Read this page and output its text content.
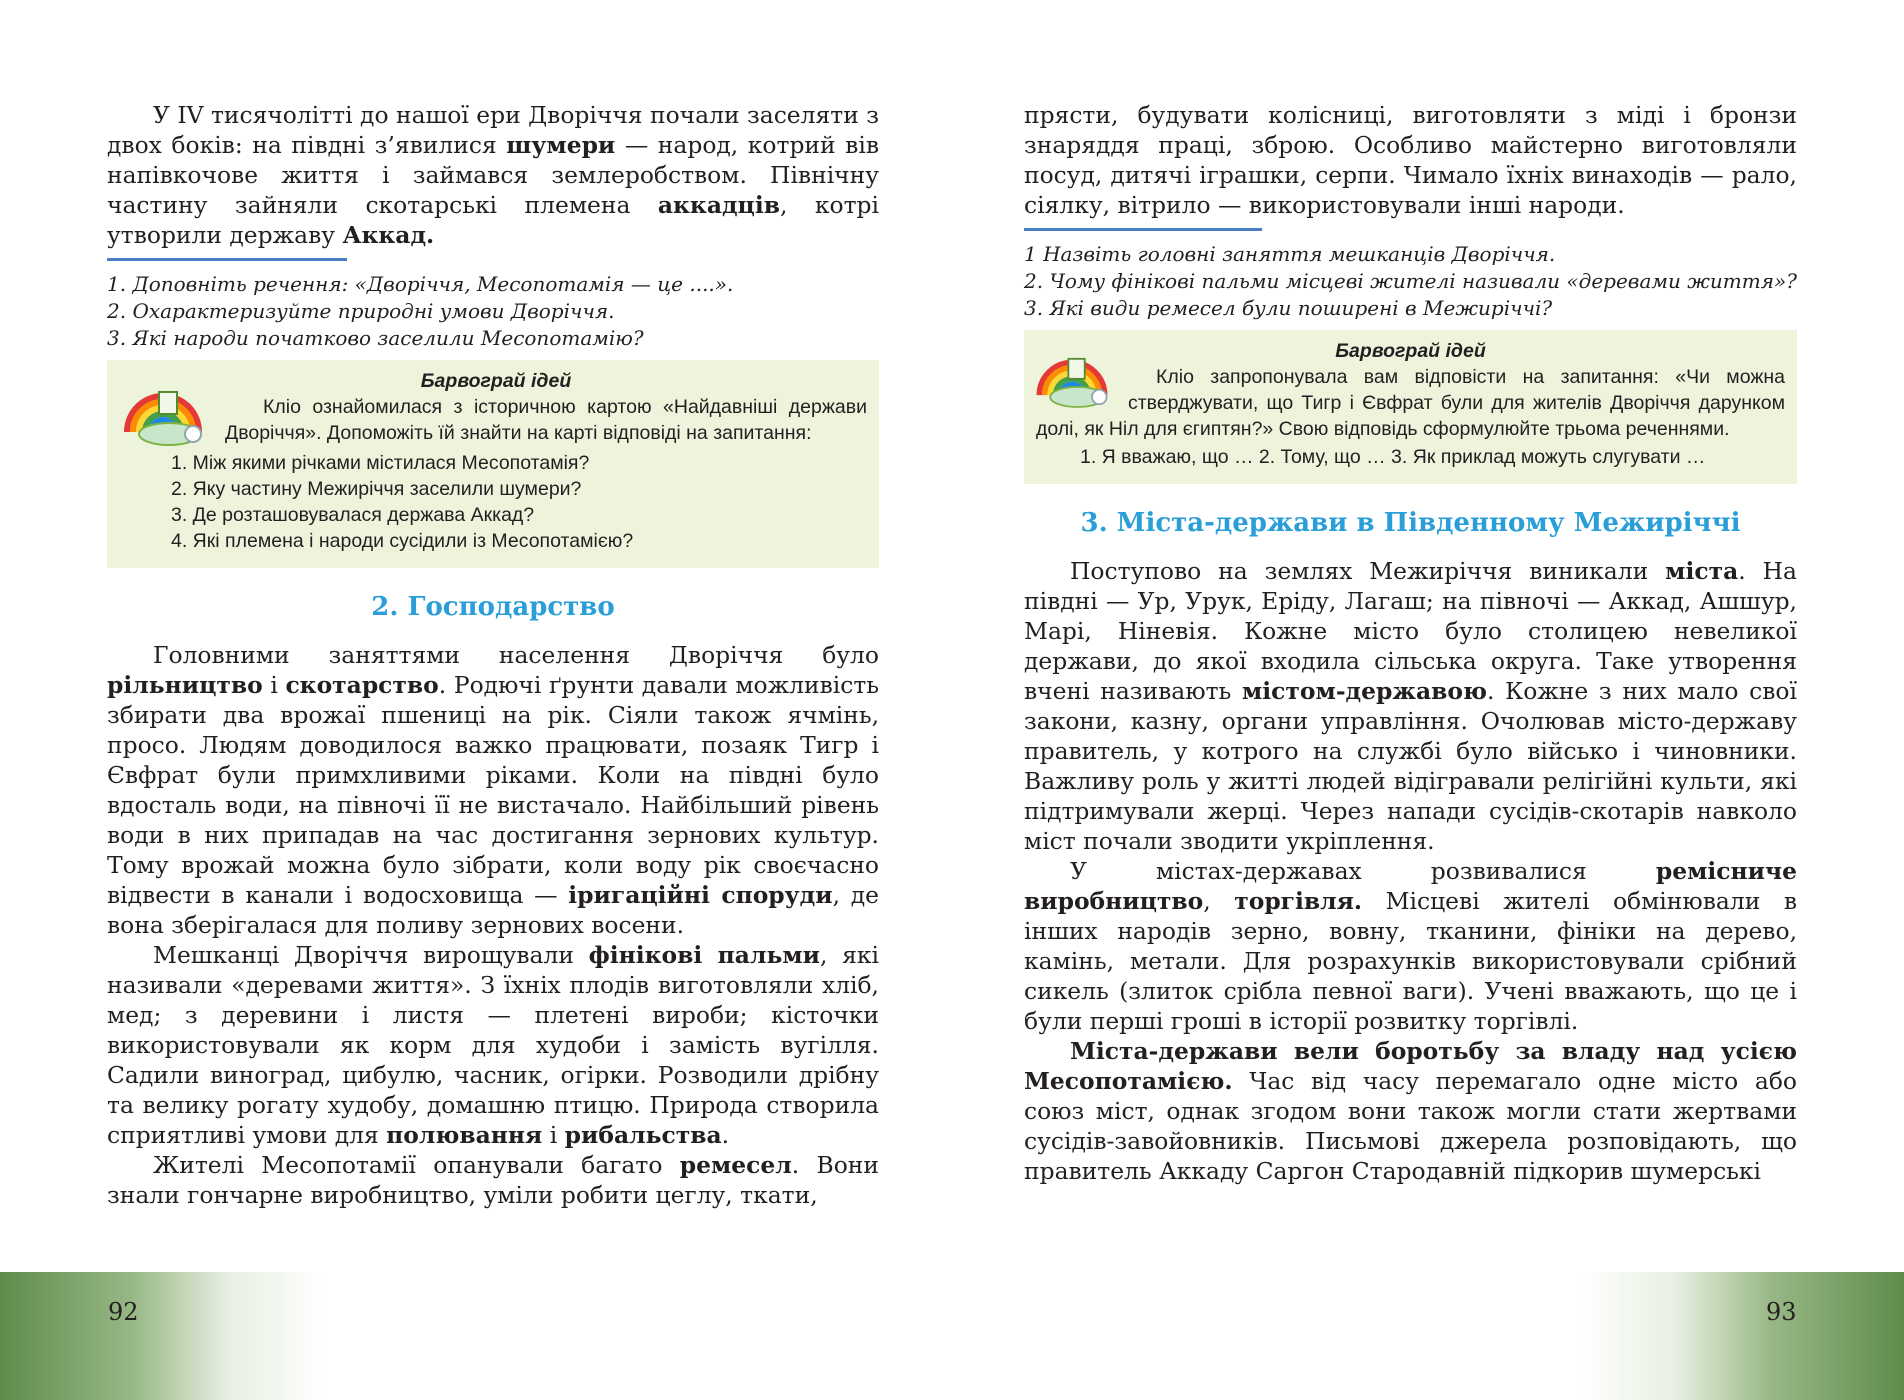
У IV тисячолітті до нашої ери Дворіччя почали заселяти з двох боків: на півдні з’явилися шумери — народ, котрий вів напівкочове життя і займався землеробством. Північну частину зайняли скотарські племена аккадців, котрі утворили державу Аккад.

1. Доповніть речення: «Дворіччя, Месопотамія — це ....».
2. Охарактеризуйте природні умови Дворіччя.
3. Які народи початково заселили Месопотамію?
Барвограй ідей
Кліо ознайомилася з історичною картою «Найдавніші держави Дворіччя». Допоможіть їй знайти на карті відповіді на запитання:
1. Між якими річками містилася Месопотамія?
2. Яку частину Межиріччя заселили шумери?
3. Де розташовувалася держава Аккад?
4. Які племена і народи сусідили із Месопотамією?
2. Господарство

Головними заняттями населення Дворіччя було рільництво і скотарство. Родючі ґрунти давали можливість збирати два врожаї пшениці на рік. Сіяли також ячмінь, просо. Людям доводилося важко працювати, позаяк Тигр і Євфрат були примхливими ріками. Коли на півдні було вдосталь води, на півночі її не вистачало. Найбільший рівень води в них припадав на час достигання зернових культур. Тому врожай можна було зібрати, коли воду рік своєчасно відвести в канали і водосховища — іригаційні споруди, де вона зберігалася для поливу зернових восени.

Мешканці Дворіччя вирощували фінікові пальми, які називали «деревами життя». З їхніх плодів виготовляли хліб, мед; з деревини і листя — плетені вироби; кісточки використовували як корм для худоби і замість вугілля. Садили виноград, цибулю, часник, огірки. Розводили дрібну та велику рогату худобу, домашню птицю. Природа створила сприятливі умови для полювання і рибальства.

Жителі Месопотамії опанували багато ремесел. Вони знали гончарне виробництво, уміли робити цеглу, ткати,

прясти, будувати колісниці, виготовляти з міді і бронзи знаряддя праці, зброю. Особливо майстерно виготовляли посуд, дитячі іграшки, серпи. Чимало їхніх винаходів — рало, сіялку, вітрило — використовували інші народи.

1 Назвіть головні заняття мешканців Дворіччя.
2. Чому фінікові пальми місцеві жителі називали «деревами життя»?
3. Які види ремесел були поширені в Межиріччі?
Барвограй ідей
Кліо запропонувала вам відповісти на запитання: «Чи можна стверджувати, що Тигр і Євфрат були для жителів Дворіччя дарунком долі, як Ніл для єгиптян?» Свою відповідь сформулюйте трьома реченнями.
1. Я вважаю, що … 2. Тому, що … 3. Як приклад можуть слугувати …
3. Міста-держави в Південному Межиріччі

Поступово на землях Межиріччя виникали міста. На півдні — Ур, Урук, Еріду, Лагаш; на півночі — Аккад, Ашшур, Марі, Ніневія. Кожне місто було столицею невеликої держави, до якої входила сільська округа. Таке утворення вчені називають містом-державою. Кожне з них мало свої закони, казну, органи управління. Очолював місто-державу правитель, у котрого на службі було військо і чиновники. Важливу роль у житті людей відігравали релігійні культи, які підтримували жерці. Через напади сусідів-скотарів навколо міст почали зводити укріплення.

У містах-державах розвивалися ремісниче виробництво, торгівля. Місцеві жителі обмінювали в інших народів зерно, вовну, тканини, фініки на дерево, камінь, метали. Для розрахунків використовували срібний сикель (злиток срібла певної ваги). Учені вважають, що це і були перші гроші в історії розвитку торгівлі.

Міста-держави вели боротьбу за владу над усією Месопотамією. Час від часу перемагало одне місто або союз міст, однак згодом вони також могли стати жертвами сусідів-завойовників. Письмові джерела розповідають, що правитель Аккаду Саргон Стародавній підкорив шумерські

92	93
